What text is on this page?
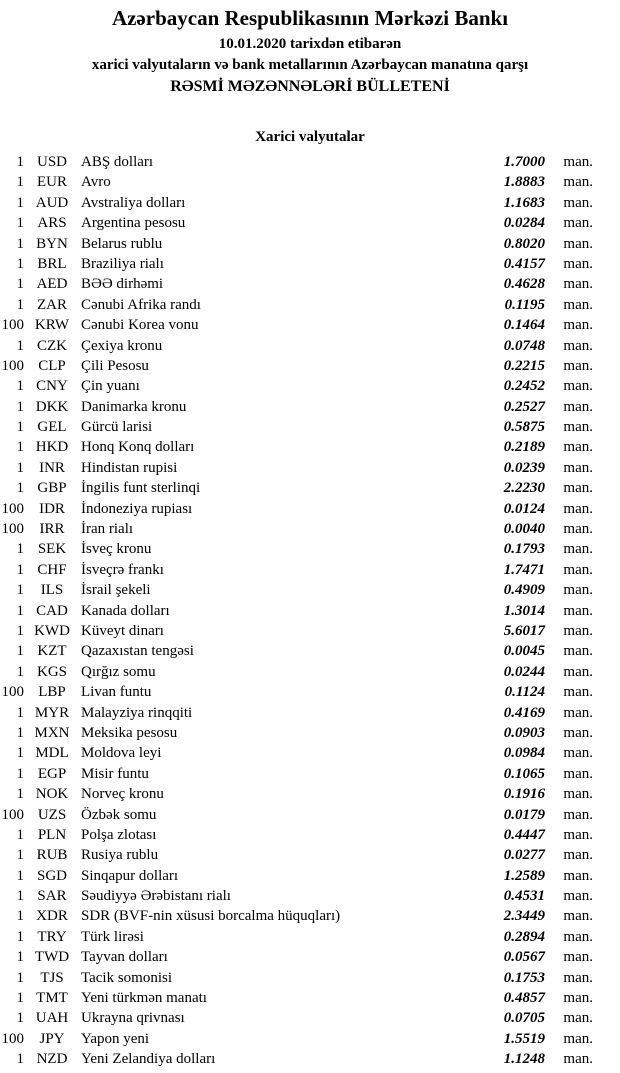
Azərbaycan Respublikasının Mərkəzi Bankı
10.01.2020 tarixdən etibarən
xarici valyutaların və bank metallarının Azərbaycan manatına qarşı
RƏSMİ MƏZƏNNƏLƏRİ BÜLLETENİ
Xarici valyutalar
1 USD ABŞ dolları	1.7000	man.
1 EUR Avro	1.8883	man.
1 AUD Avstraliya dolları	1.1683	man.
1 ARS Argentina pesosu	0.0284	man.
1 BYN Belarus rublu	0.8020	man.
1 BRL Braziliya rialı	0.4157	man.
1 AED BƏƏ dirhəmi	0.4628	man.
1 ZAR Cənubi Afrika randı	0.1195	man.
100 KRW Cənubi Korea vonu	0.1464	man.
1 CZK Çexiya kronu	0.0748	man.
100 CLP	Çili Pesosu	0.2215	man.
1 CNY Çin yuanı	0.2452	man.
1 DKK Danimarka kronu	0.2527	man.
1 GEL Gürcü larisi	0.5875	man.
1 HKD Honq Konq dolları	0.2189	man.
1	INR	Hindistan rupisi	0.0239	man.
1 GBP İngilis funt sterlinqi	2.2230	man.
100	IDR	İndoneziya rupiası	0.0124	man.
100	IRR	İran rialı	0.0040	man.
1 SEK İsveç kronu	0.1793	man.
1 CHF İsveçrə frankı	1.7471	man.
1	ILS	İsrail şekeli	0.4909	man.
1 CAD Kanada dolları	1.3014	man.
1 KWD Küveyt dinarı	5.6017	man.
1 KZT Qazaxıstan tengəsi	0.0045	man.
1 KGS Qırğız somu	0.0244	man.
100 LBP	Livan funtu	0.1124	man.
1 MYR Malayziya rinqqiti	0.4169	man.
1 MXN Meksika pesosu	0.0903	man.
1 MDL Moldova leyi	0.0984	man.
1 EGP Misir funtu	0.1065	man.
1 NOK Norveç kronu	0.1916	man.
100 UZS Özbək somu	0.0179	man.
1 PLN Polşa zlotası	0.4447	man.
1 RUB Rusiya rublu	0.0277	man.
1 SGD Sinqapur dolları	1.2589	man.
1 SAR Səudiyyə Ərəbistanı rialı	0.4531	man.
1 XDR SDR (BVF-nin xüsusi borcalma hüquqları)	2.3449	man.
1 TRY Türk lirəsi	0.2894	man.
1 TWD Tayvan dolları	0.0567	man.
1	TJS	Tacik somonisi	0.1753	man.
1 TMT Yeni türkmən manatı	0.4857	man.
1 UAH Ukrayna qrivnası	0.0705	man.
100	JPY	Yapon yeni	1.5519	man.
1 NZD Yeni Zelandiya dolları	1.1248	man.
